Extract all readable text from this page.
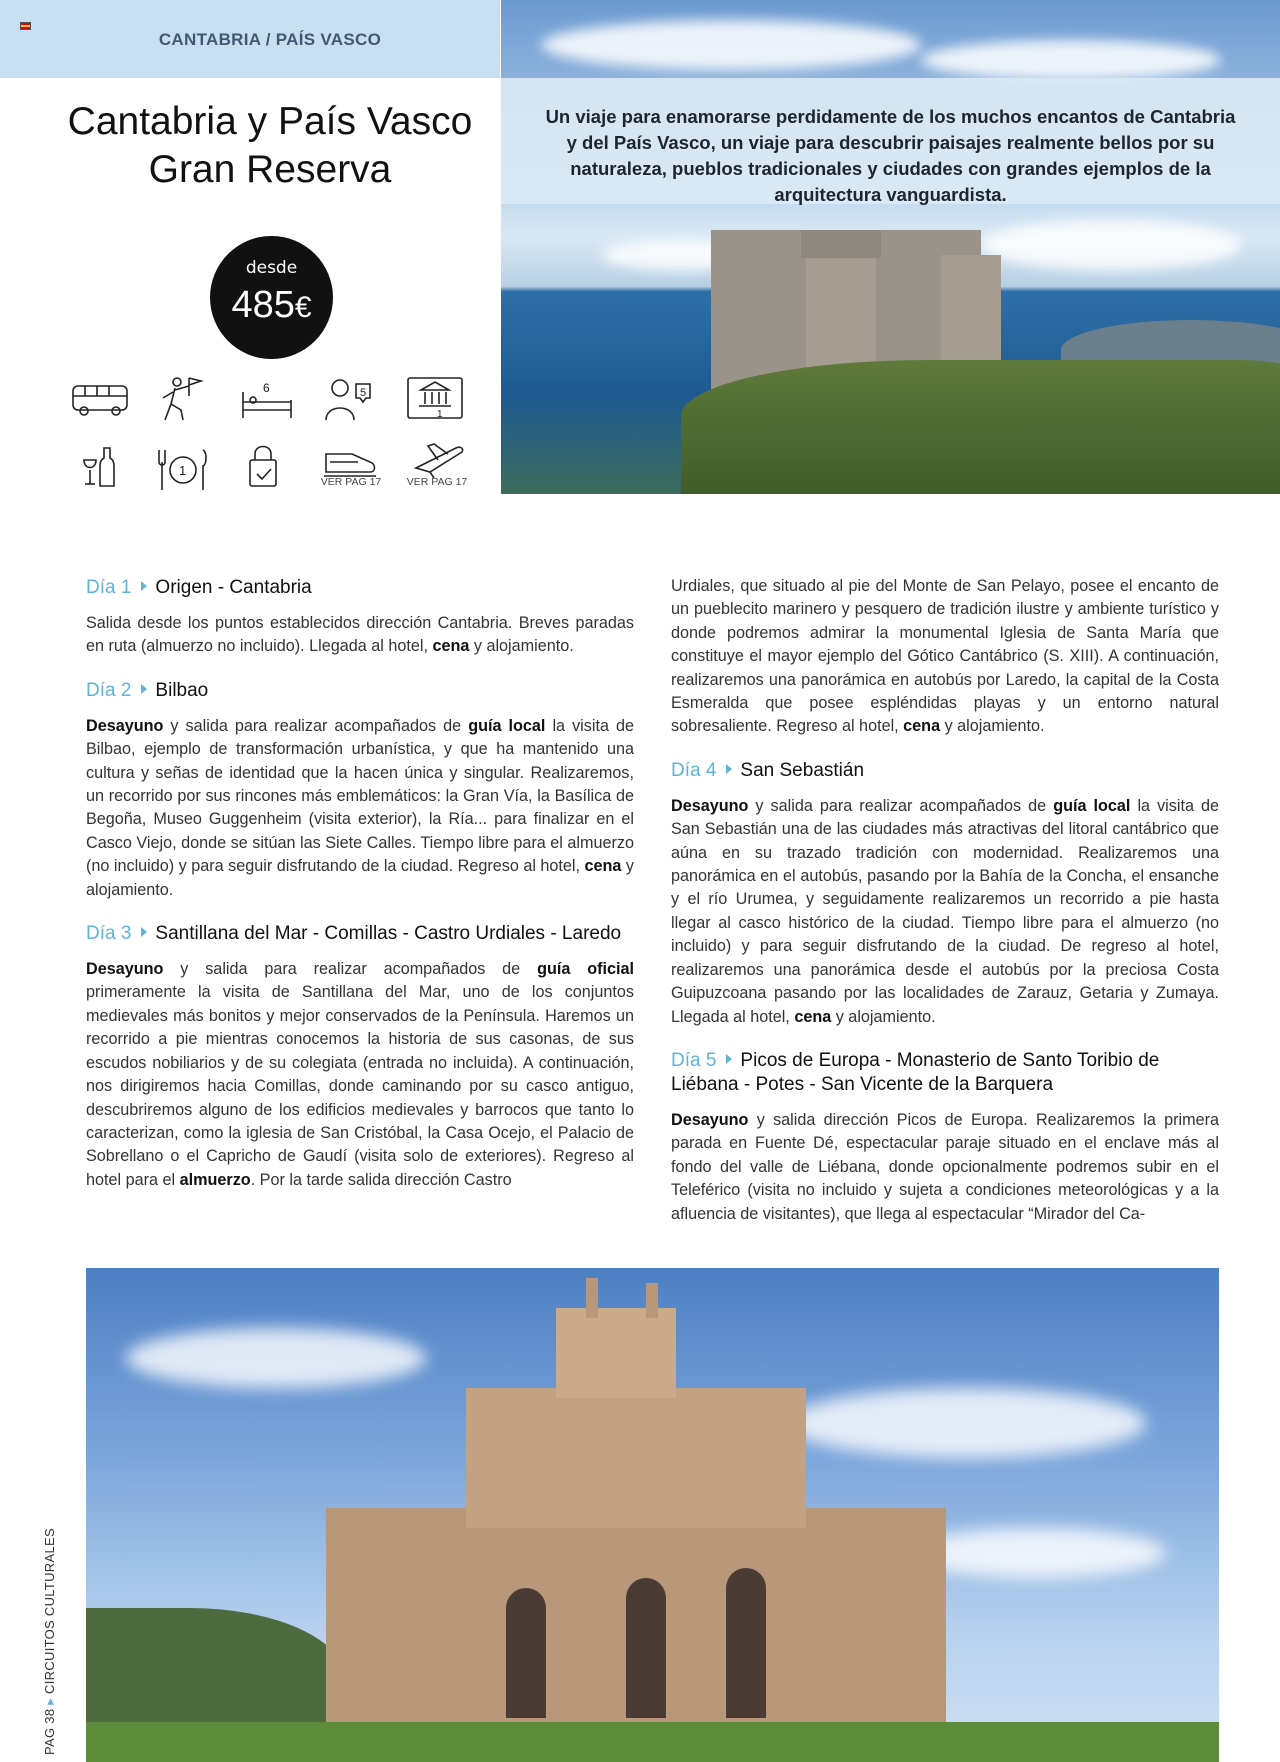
CANTABRIA / PAÍS VASCO
Cantabria y País Vasco
Gran Reserva
Un viaje para enamorarse perdidamente de los muchos encantos de Cantabria y del País Vasco, un viaje para descubrir paisajes realmente bellos por su naturaleza, pueblos tradicionales y ciudades con grandes ejemplos de la arquitectura vanguardista.
desde
485€
6	5
1
1
VER PAG 17	VER PAG 17
Día 1 Origen - Cantabria

Salida desde los puntos establecidos dirección Cantabria. Breves paradas en ruta (almuerzo no incluido). Llegada al hotel, cena y alojamiento.

Día 2 Bilbao

Desayuno y salida para realizar acompañados de guía local la visita de Bilbao, ejemplo de transformación urbanística, y que ha mantenido una cultura y señas de identidad que la hacen única y singular. Realizaremos, un recorrido por sus rincones más emblemáticos: la Gran Vía, la Basílica de Begoña, Museo Guggenheim (visita exterior), la Ría... para finalizar en el Casco Viejo, donde se sitúan las Siete Calles. Tiempo libre para el almuerzo (no incluido) y para seguir disfrutando de la ciudad. Regreso al hotel, cena y alojamiento.

Día 3 Santillana del Mar - Comillas - Castro Urdiales - Laredo

Desayuno y salida para realizar acompañados de guía oficial primeramente la visita de Santillana del Mar, uno de los conjuntos medievales más bonitos y mejor conservados de la Península. Haremos un recorrido a pie mientras conocemos la historia de sus casonas, de sus escudos nobiliarios y de su colegiata (entrada no incluida). A continuación, nos dirigiremos hacia Comillas, donde caminando por su casco antiguo, descubriremos alguno de los edificios medievales y barrocos que tanto lo caracterizan, como la iglesia de San Cristóbal, la Casa Ocejo, el Palacio de Sobrellano o el Capricho de Gaudí (visita solo de exteriores). Regreso al hotel para el almuerzo. Por la tarde salida dirección Castro

Urdiales, que situado al pie del Monte de San Pelayo, posee el encanto de un pueblecito marinero y pesquero de tradición ilustre y ambiente turístico y donde podremos admirar la monumental Iglesia de Santa María que constituye el mayor ejemplo del Gótico Cantábrico (S. XIII). A continuación, realizaremos una panorámica en autobús por Laredo, la capital de la Costa Esmeralda que posee espléndidas playas y un entorno natural sobresaliente. Regreso al hotel, cena y alojamiento.

Día 4 San Sebastián

Desayuno y salida para realizar acompañados de guía local la visita de San Sebastián una de las ciudades más atractivas del litoral cantábrico que aúna en su trazado tradición con modernidad. Realizaremos una panorámica en el autobús, pasando por la Bahía de la Concha, el ensanche y el río Urumea, y seguidamente realizaremos un recorrido a pie hasta llegar al casco histórico de la ciudad. Tiempo libre para el almuerzo (no incluido) y para seguir disfrutando de la ciudad. De regreso al hotel, realizaremos una panorámica desde el autobús por la preciosa Costa Guipuzcoana pasando por las localidades de Zarauz, Getaria y Zumaya. Llegada al hotel, cena y alojamiento.

Día 5 Picos de Europa - Monasterio de Santo Toribio de Liébana - Potes - San Vicente de la Barquera

Desayuno y salida dirección Picos de Europa. Realizaremos la primera parada en Fuente Dé, espectacular paraje situado en el enclave más al fondo del valle de Liébana, donde opcionalmente podremos subir en el Teleférico (visita no incluido y sujeta a condiciones meteorológicas y a la afluencia de visitantes), que llega al espectacular “Mirador del Ca-

PAG 38 ▸ CIRCUITOS CULTURALES
